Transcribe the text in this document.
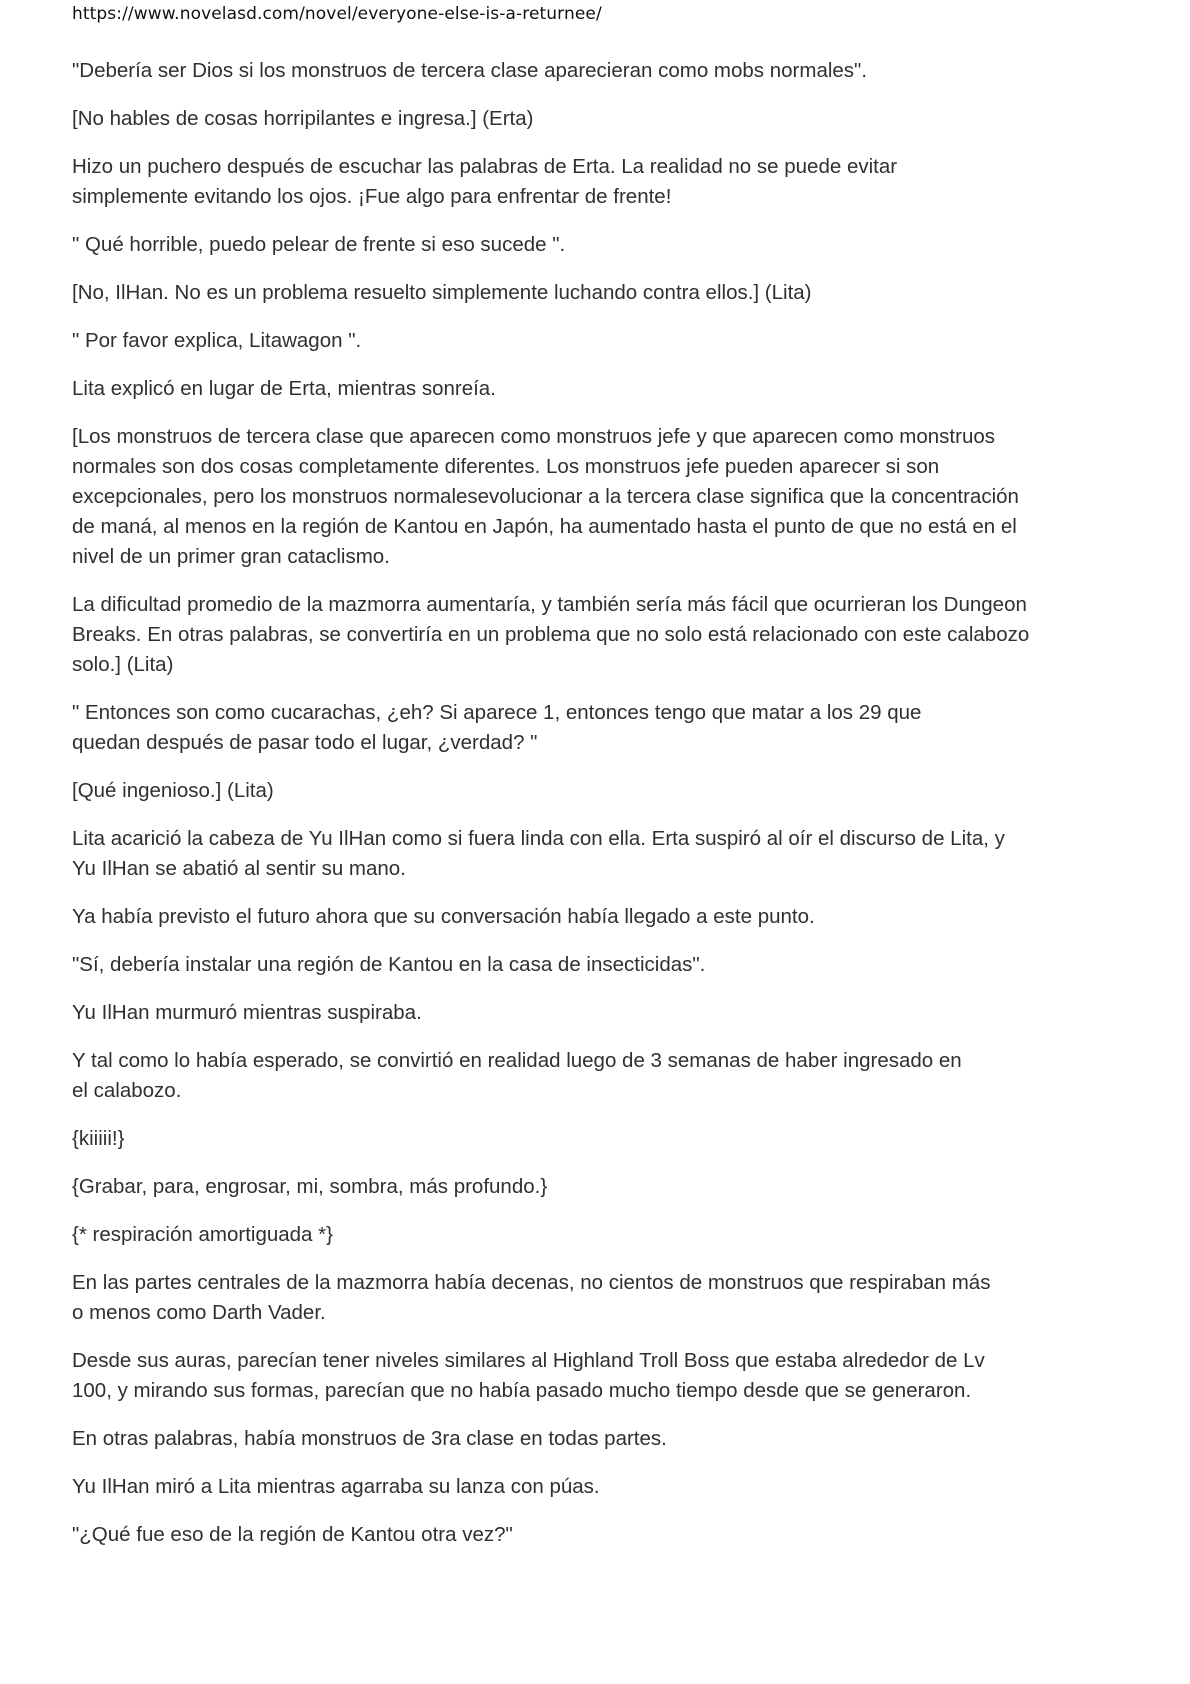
https://www.novelasd.com/novel/everyone-else-is-a-returnee/

"Debería ser Dios si los monstruos de tercera clase aparecieran como mobs normales".

[No hables de cosas horripilantes e ingresa.] (Erta)

Hizo un puchero después de escuchar las palabras de Erta. La realidad no se puede evitar
simplemente evitando los ojos. ¡Fue algo para enfrentar de frente!

" Qué horrible, puedo pelear de frente si eso sucede ".

[No, IlHan. No es un problema resuelto simplemente luchando contra ellos.] (Lita)

" Por favor explica, Litawagon ".

Lita explicó en lugar de Erta, mientras sonreía.

[Los monstruos de tercera clase que aparecen como monstruos jefe y que aparecen como monstruos
normales son dos cosas completamente diferentes. Los monstruos jefe pueden aparecer si son
excepcionales, pero los monstruos normalesevolucionar a la tercera clase significa que la concentración
de maná, al menos en la región de Kantou en Japón, ha aumentado hasta el punto de que no está en el
nivel de un primer gran cataclismo.

La dificultad promedio de la mazmorra aumentaría, y también sería más fácil que ocurrieran los Dungeon
Breaks. En otras palabras, se convertiría en un problema que no solo está relacionado con este calabozo
solo.] (Lita)

" Entonces son como cucarachas, ¿eh? Si aparece 1, entonces tengo que matar a los 29 que
quedan después de pasar todo el lugar, ¿verdad? "

[Qué ingenioso.] (Lita)

Lita acarició la cabeza de Yu IlHan como si fuera linda con ella. Erta suspiró al oír el discurso de Lita, y
Yu IlHan se abatió al sentir su mano.

Ya había previsto el futuro ahora que su conversación había llegado a este punto.

"Sí, debería instalar una región de Kantou en la casa de insecticidas".

Yu IlHan murmuró mientras suspiraba.

Y tal como lo había esperado, se convirtió en realidad luego de 3 semanas de haber ingresado en
el calabozo.

{kiiiii!}

{Grabar, para, engrosar, mi, sombra, más profundo.}

{* respiración amortiguada *}

En las partes centrales de la mazmorra había decenas, no cientos de monstruos que respiraban más
o menos como Darth Vader.

Desde sus auras, parecían tener niveles similares al Highland Troll Boss que estaba alrededor de Lv
100, y mirando sus formas, parecían que no había pasado mucho tiempo desde que se generaron.

En otras palabras, había monstruos de 3ra clase en todas partes.

Yu IlHan miró a Lita mientras agarraba su lanza con púas.

"¿Qué fue eso de la región de Kantou otra vez?"
